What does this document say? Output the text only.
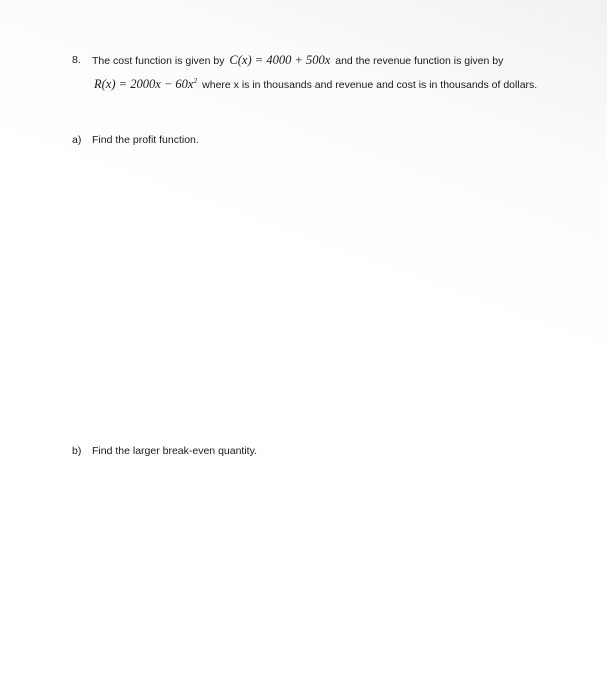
8. The cost function is given by C(x) = 4000 + 500x and the revenue function is given by
$R(x) = 2000x - 60x^2$ where x is in thousands and revenue and cost is in thousands of dollars.
a) Find the profit function.
b) Find the larger break-even quantity.
